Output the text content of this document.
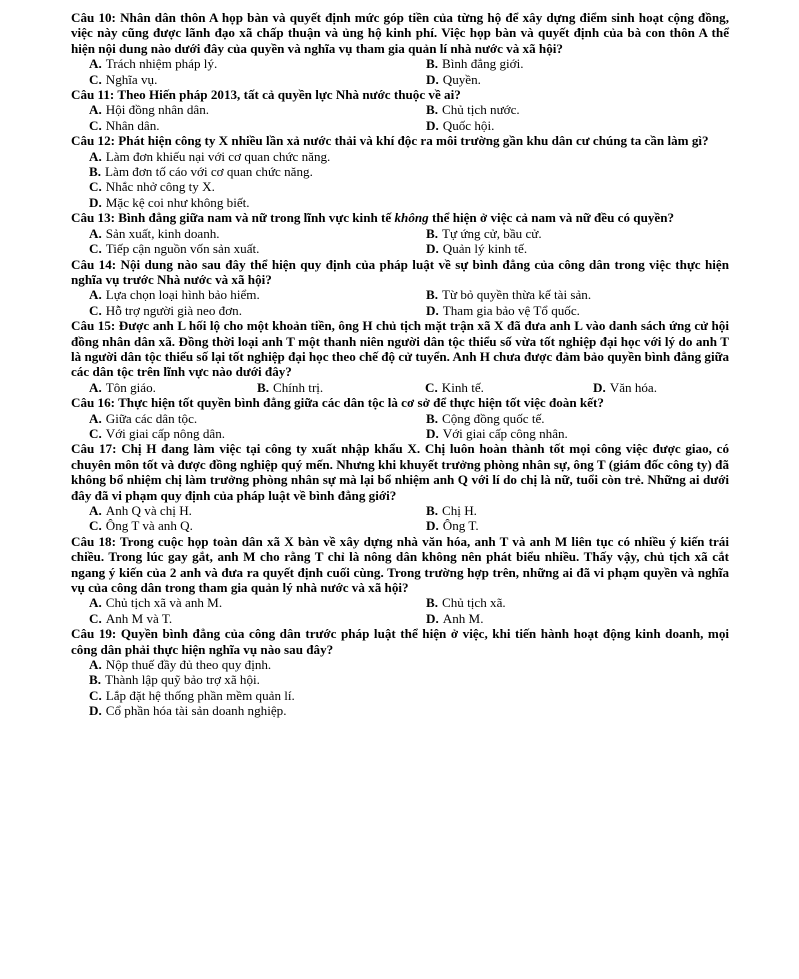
Câu 10: Nhân dân thôn A họp bàn và quyết định mức góp tiền của từng hộ để xây dựng điểm sinh hoạt cộng đồng, việc này cũng được lãnh đạo xã chấp thuận và ủng hộ kinh phí. Việc họp bàn và quyết định của bà con thôn A thể hiện nội dung nào dưới đây của quyền và nghĩa vụ tham gia quản lí nhà nước và xã hội?
A. Trách nhiệm pháp lý.	B. Bình đẳng giới.
C. Nghĩa vụ.	D. Quyền.
Câu 11: Theo Hiến pháp 2013, tất cả quyền lực Nhà nước thuộc về ai?
A. Hội đồng nhân dân.	B. Chủ tịch nước.
C. Nhân dân.	D. Quốc hội.
Câu 12: Phát hiện công ty X nhiều lần xả nước thải và khí độc ra môi trường gần khu dân cư chúng ta cần làm gì?
A. Làm đơn khiếu nại với cơ quan chức năng.
B. Làm đơn tố cáo với cơ quan chức năng.
C. Nhắc nhở công ty X.
D. Mặc kệ coi như không biết.
Câu 13: Bình đẳng giữa nam và nữ trong lĩnh vực kinh tế không thể hiện ở việc cả nam và nữ đều có quyền?
A. Sản xuất, kinh doanh.	B. Tự ứng cử, bầu cử.
C. Tiếp cận nguồn vốn sản xuất.	D. Quản lý kinh tế.
Câu 14: Nội dung nào sau đây thể hiện quy định của pháp luật về sự bình đẳng của công dân trong việc thực hiện nghĩa vụ trước Nhà nước và xã hội?
A. Lựa chọn loại hình bảo hiểm.	B. Từ bỏ quyền thừa kế tài sản.
C. Hỗ trợ người già neo đơn.	D. Tham gia bảo vệ Tổ quốc.
Câu 15: Được anh L hối lộ cho một khoản tiền, ông H chủ tịch mặt trận xã X đã đưa anh L vào danh sách ứng cử hội đồng nhân dân xã. Đồng thời loại anh T một thanh niên người dân tộc thiểu số vừa tốt nghiệp đại học với lý do anh T là người dân tộc thiểu số lại tốt nghiệp đại học theo chế độ cử tuyển. Anh H chưa được đảm bảo quyền bình đẳng giữa các dân tộc trên lĩnh vực nào dưới đây?
A. Tôn giáo.	B. Chính trị.	C. Kinh tế.	D. Văn hóa.
Câu 16: Thực hiện tốt quyền bình đẳng giữa các dân tộc là cơ sở để thực hiện tốt việc đoàn kết?
A. Giữa các dân tộc.	B. Cộng đồng quốc tế.
C. Với giai cấp nông dân.	D. Với giai cấp công nhân.
Câu 17: Chị H đang làm việc tại công ty xuất nhập khẩu X. Chị luôn hoàn thành tốt mọi công việc được giao, có chuyên môn tốt và được đồng nghiệp quý mến. Nhưng khi khuyết trưởng phòng nhân sự, ông T (giám đốc công ty) đã không bổ nhiệm chị làm trưởng phòng nhân sự mà lại bổ nhiệm anh Q với lí do chị là nữ, tuổi còn trẻ. Những ai dưới đây đã vi phạm quy định của pháp luật về bình đẳng giới?
A. Anh Q và chị H.	B. Chị H.
C. Ông T và anh Q.	D. Ông T.
Câu 18: Trong cuộc họp toàn dân xã X bàn về xây dựng nhà văn hóa, anh T và anh M liên tục có nhiều ý kiến trái chiều. Trong lúc gay gắt, anh M cho rằng T chỉ là nông dân không nên phát biểu nhiều. Thấy vậy, chủ tịch xã cắt ngang ý kiến của 2 anh và đưa ra quyết định cuối cùng. Trong trường hợp trên, những ai đã vi phạm quyền và nghĩa vụ của công dân trong tham gia quản lý nhà nước và xã hội?
A. Chủ tịch xã và anh M.	B. Chủ tịch xã.
C. Anh M và T.	D. Anh M.
Câu 19: Quyền bình đẳng của công dân trước pháp luật thể hiện ở việc, khi tiến hành hoạt động kinh doanh, mọi công dân phải thực hiện nghĩa vụ nào sau đây?
A. Nộp thuế đầy đủ theo quy định.
B. Thành lập quỹ bảo trợ xã hội.
C. Lắp đặt hệ thống phần mềm quản lí.
D. Cổ phần hóa tài sản doanh nghiệp.
